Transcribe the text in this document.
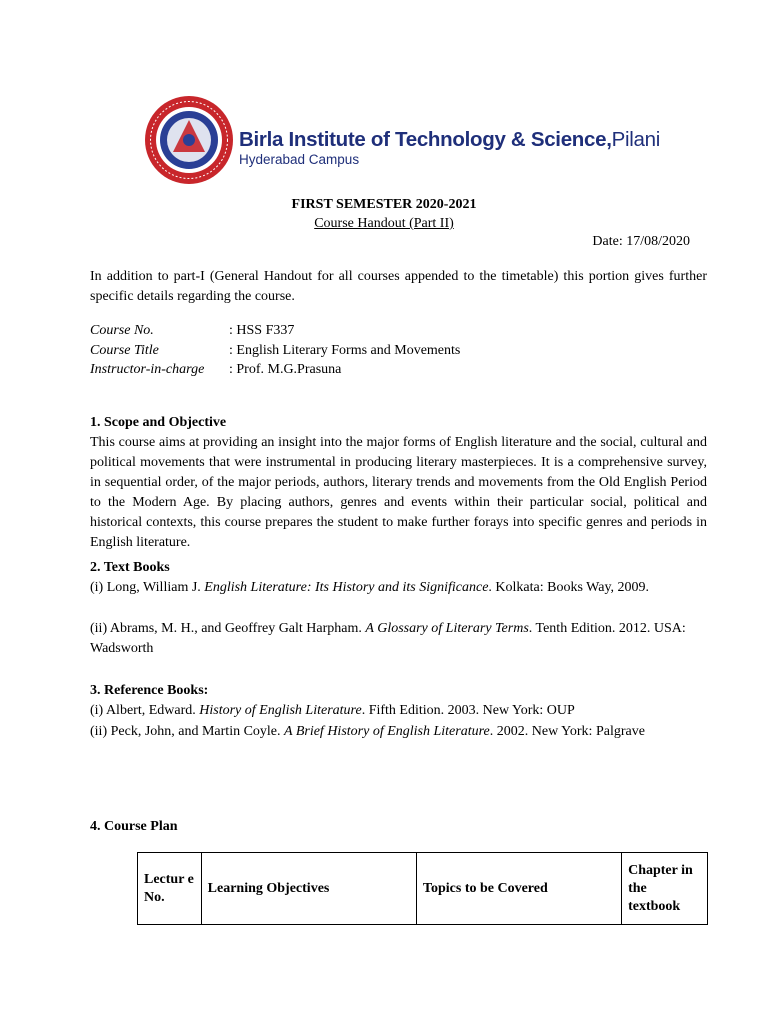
Birla Institute of Technology & Science,Pilani
Hyderabad Campus
FIRST SEMESTER 2020-2021
Course Handout (Part II)
Date: 17/08/2020
In addition to part-I (General Handout for all courses appended to the timetable) this portion gives further specific details regarding the course.
Course No.	: HSS F337
Course Title	: English Literary Forms and Movements
Instructor-in-charge : Prof. M.G.Prasuna
1. Scope and Objective
This course aims at providing an insight into the major forms of English literature and the social, cultural and political movements that were instrumental in producing literary masterpieces. It is a comprehensive survey, in sequential order, of the major periods, authors, literary trends and movements from the Old English Period to the Modern Age. By placing authors, genres and events within their particular social, political and historical contexts, this course prepares the student to make further forays into specific genres and periods in English literature.
2. Text Books
(i) Long, William J. English Literature: Its History and its Significance. Kolkata: Books Way, 2009.
(ii) Abrams, M. H., and Geoffrey Galt Harpham. A Glossary of Literary Terms. Tenth Edition. 2012. USA: Wadsworth
3. Reference Books:
(i) Albert, Edward. History of English Literature. Fifth Edition. 2003. New York: OUP
(ii) Peck, John, and Martin Coyle. A Brief History of English Literature. 2002. New York: Palgrave
4. Course Plan
Lectur e No.	Learning Objectives	Topics to be Covered	Chapter in the textbook
